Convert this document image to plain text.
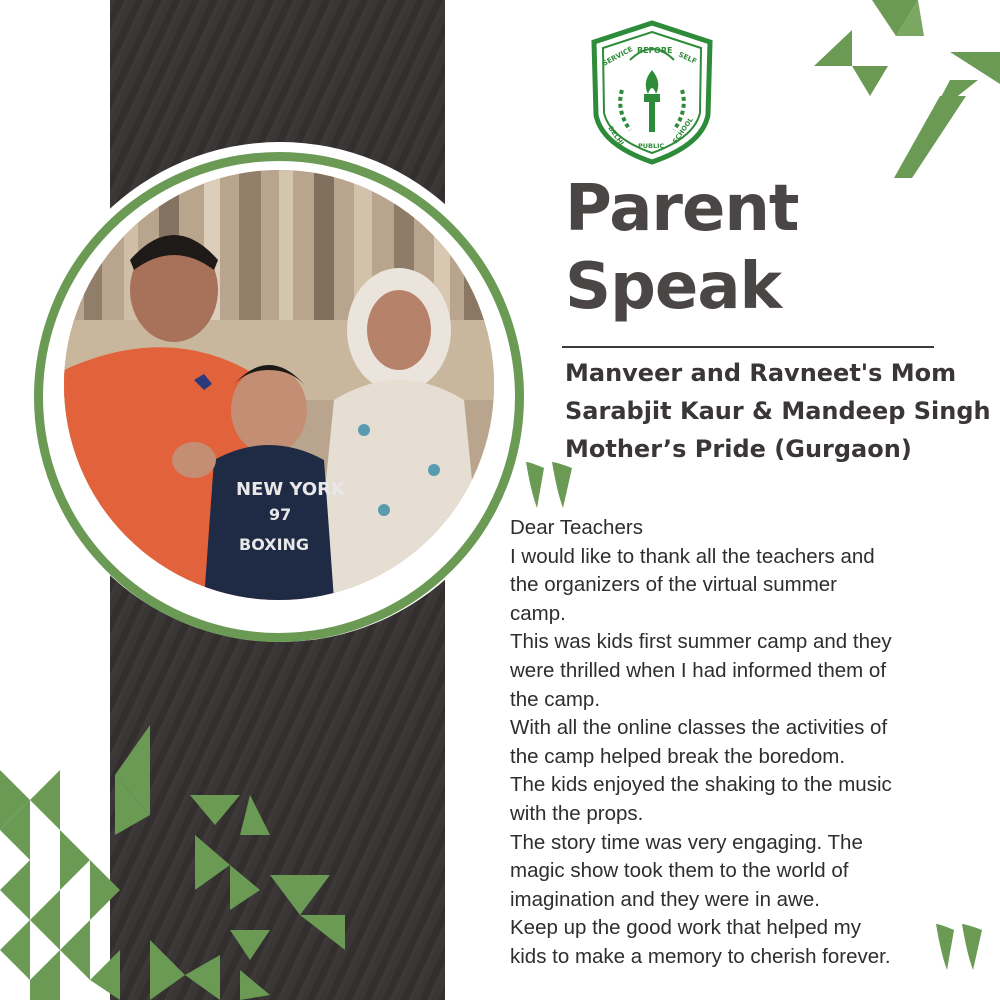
NEW YORK
97
BOXING
BEFORE
SERVICE	SELF
DELHI PUBLIC
SCHOOL
Parent
Speak
Manveer and Ravneet's Mom
Sarabjit Kaur & Mandeep Singh
Mother’s Pride (Gurgaon)
Dear Teachers
I would like to thank all the teachers and
the organizers of the virtual summer
camp.
This was kids first summer camp and they
were thrilled when I had informed them of
the camp.
With all the online classes the activities of
the camp helped break the boredom.
The kids enjoyed the shaking to the music
with the props.
The story time was very engaging. The
magic show took them to the world of
imagination and they were in awe.
Keep up the good work that helped my
kids to make a memory to cherish forever.
